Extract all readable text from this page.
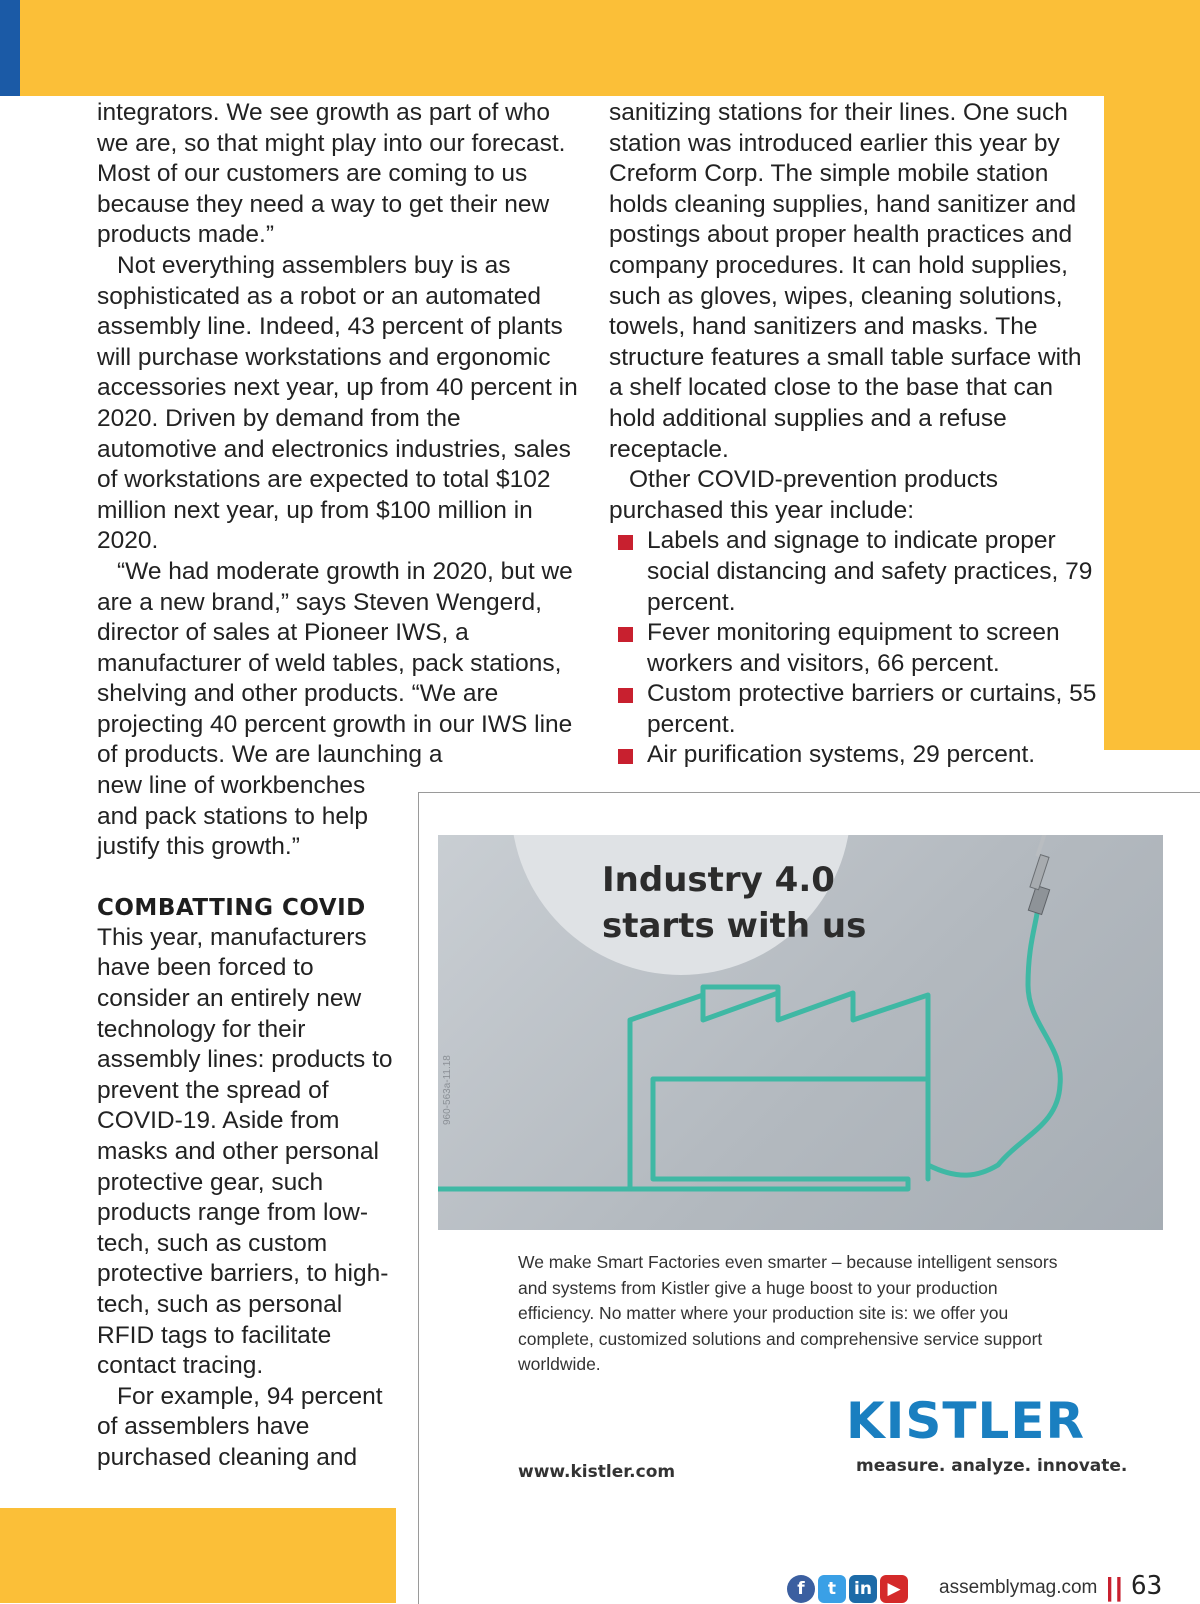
integrators. We see growth as part of who we are, so that might play into our forecast. Most of our customers are coming to us because they need a way to get their new products made.”

Not everything assemblers buy is as sophisticated as a robot or an automated assembly line. Indeed, 43 percent of plants will purchase workstations and ergonomic accessories next year, up from 40 percent in 2020. Driven by demand from the automotive and electronics industries, sales of workstations are expected to total $102 million next year, up from $100 million in 2020.

“We had moderate growth in 2020, but we are a new brand,” says Steven Wengerd, director of sales at Pioneer IWS, a manufacturer of weld tables, pack stations, shelving and other products. “We are projecting 40 percent growth in our IWS line of products. We are launching a

new line of workbenches and pack stations to help justify this growth.”

COMBATTING COVID

This year, manufacturers have been forced to consider an entirely new technology for their assembly lines: products to prevent the spread of COVID-19. Aside from masks and other personal protective gear, such products range from low-tech, such as custom protective barriers, to high-tech, such as personal RFID tags to facilitate contact tracing.

For example, 94 percent of assemblers have purchased cleaning and

sanitizing stations for their lines. One such station was introduced earlier this year by Creform Corp. The simple mobile station holds cleaning supplies, hand sanitizer and postings about proper health practices and company procedures. It can hold supplies, such as gloves, wipes, cleaning solutions, towels, hand sanitizers and masks. The structure features a small table surface with a shelf located close to the base that can hold additional supplies and a refuse receptacle.

Other COVID-prevention products purchased this year include:

Labels and signage to indicate proper social distancing and safety practices, 79 percent.
Fever monitoring equipment to screen workers and visitors, 66 percent.
Custom protective barriers or curtains, 55 percent.
Air purification systems, 29 percent.
Industry 4.0
starts with us
960-563a-11.18
We make Smart Factories even smarter – because intelligent sensors and systems from Kistler give a huge boost to your production efficiency. No matter where your production site is: we offer you complete, customized solutions and comprehensive service support worldwide.
KISTLER
measure. analyze. innovate.
www.kistler.com
f	t	in ▶	assemblymag.com || 63
